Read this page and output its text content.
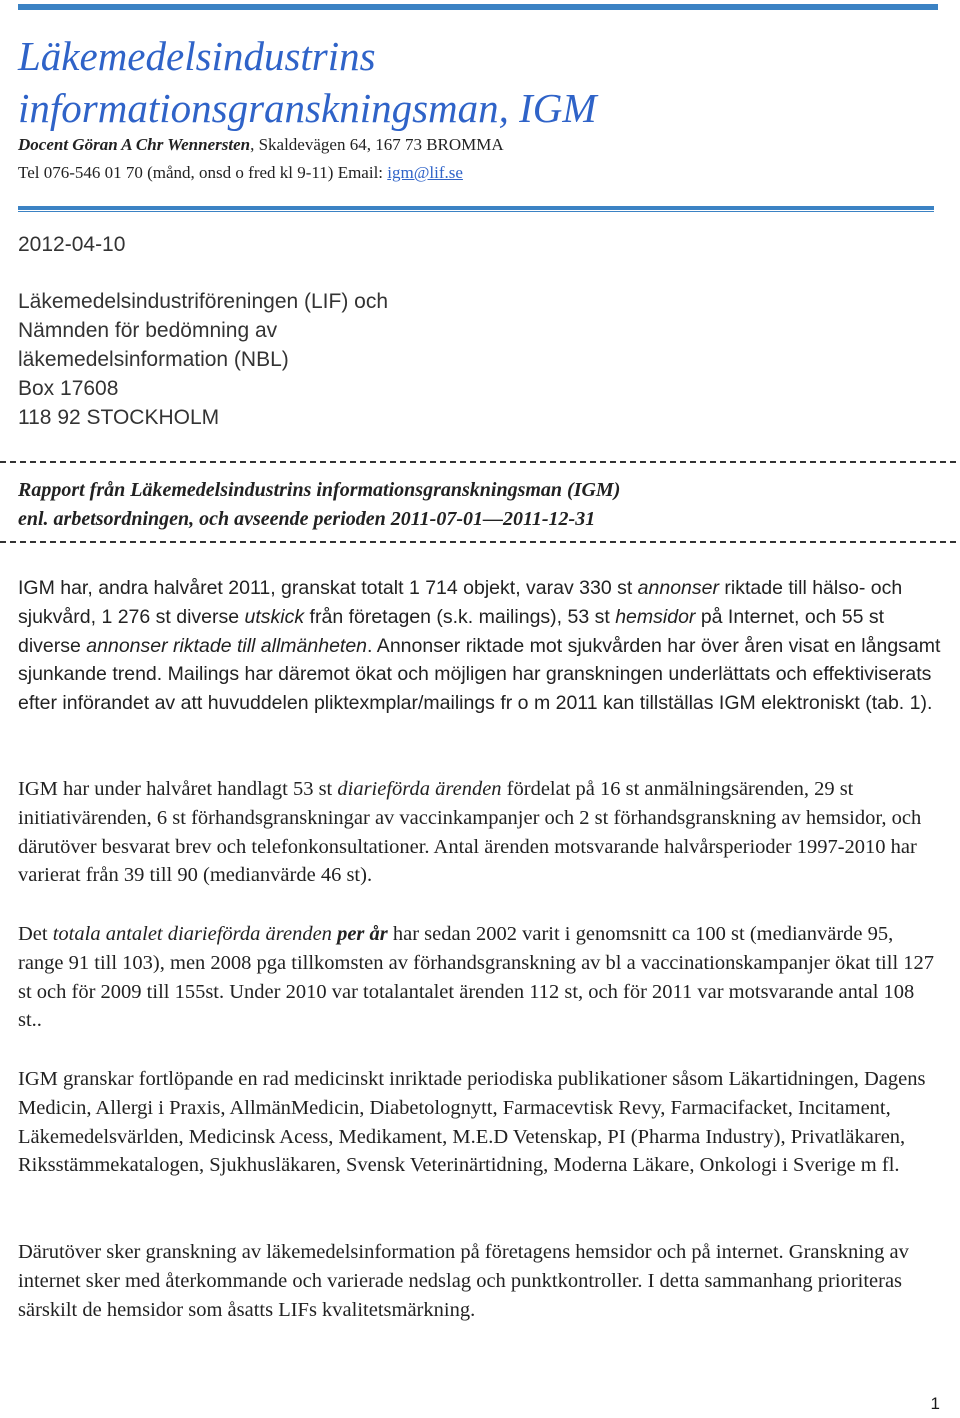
Läkemedelsindustrins
informationsgranskningsman, IGM
Docent Göran A Chr Wennersten, Skaldevägen 64, 167 73 BROMMA
Tel 076-546 01 70 (månd, onsd o fred kl 9-11) Email: igm@lif.se
2012-04-10
Läkemedelsindustriföreningen (LIF) och
Nämnden för bedömning av
läkemedelsinformation (NBL)
Box 17608
118 92 STOCKHOLM
Rapport från Läkemedelsindustrins informationsgranskningsman (IGM)
enl. arbetsordningen, och avseende perioden 2011-07-01—2011-12-31
IGM har, andra halvåret 2011, granskat totalt 1 714 objekt, varav 330 st annonser riktade till hälso- och sjukvård, 1 276 st diverse utskick från företagen (s.k. mailings), 53 st hemsidor på Internet, och 55 st diverse annonser riktade till allmänheten. Annonser riktade mot sjukvården har över åren visat en långsamt sjunkande trend. Mailings har däremot ökat och möjligen har granskningen underlättats och effektiviserats efter införandet av att huvuddelen pliktexmplar/mailings fr o m 2011 kan tillställas IGM elektroniskt (tab. 1).
IGM har under halvåret handlagt 53 st diarieförda ärenden fördelat på 16 st anmälningsärenden, 29 st initiativärenden, 6 st förhandsgranskningar av vaccinkampanjer och 2 st förhandsgranskning av hemsidor, och därutöver besvarat brev och telefonkonsultationer. Antal ärenden motsvarande halvårsperioder 1997-2010 har varierat från 39 till 90 (medianvärde 46 st).
Det totala antalet diarieförda ärenden per år har sedan 2002 varit i genomsnitt ca 100 st (medianvärde 95, range 91 till 103), men 2008 pga tillkomsten av förhandsgranskning av bl a vaccinationskampanjer ökat till 127 st och för 2009 till 155st. Under 2010 var totalantalet ärenden 112 st, och för 2011 var motsvarande antal 108 st..
IGM granskar fortlöpande en rad medicinskt inriktade periodiska publikationer såsom Läkartidningen, Dagens Medicin, Allergi i Praxis, AllmänMedicin, Diabetolognytt, Farmacevtisk Revy, Farmacifacket, Incitament, Läkemedelsvärlden, Medicinsk Acess, Medikament, M.E.D Vetenskap, PI (Pharma Industry), Privatläkaren, Riksstämmekatalogen, Sjukhusläkaren, Svensk Veterinärtidning, Moderna Läkare, Onkologi i Sverige m fl.
Därutöver sker granskning av läkemedelsinformation på företagens hemsidor och på internet. Granskning av internet sker med återkommande och varierade nedslag och punktkontroller. I detta sammanhang prioriteras särskilt de hemsidor som åsatts LIFs kvalitetsmärkning.
1
